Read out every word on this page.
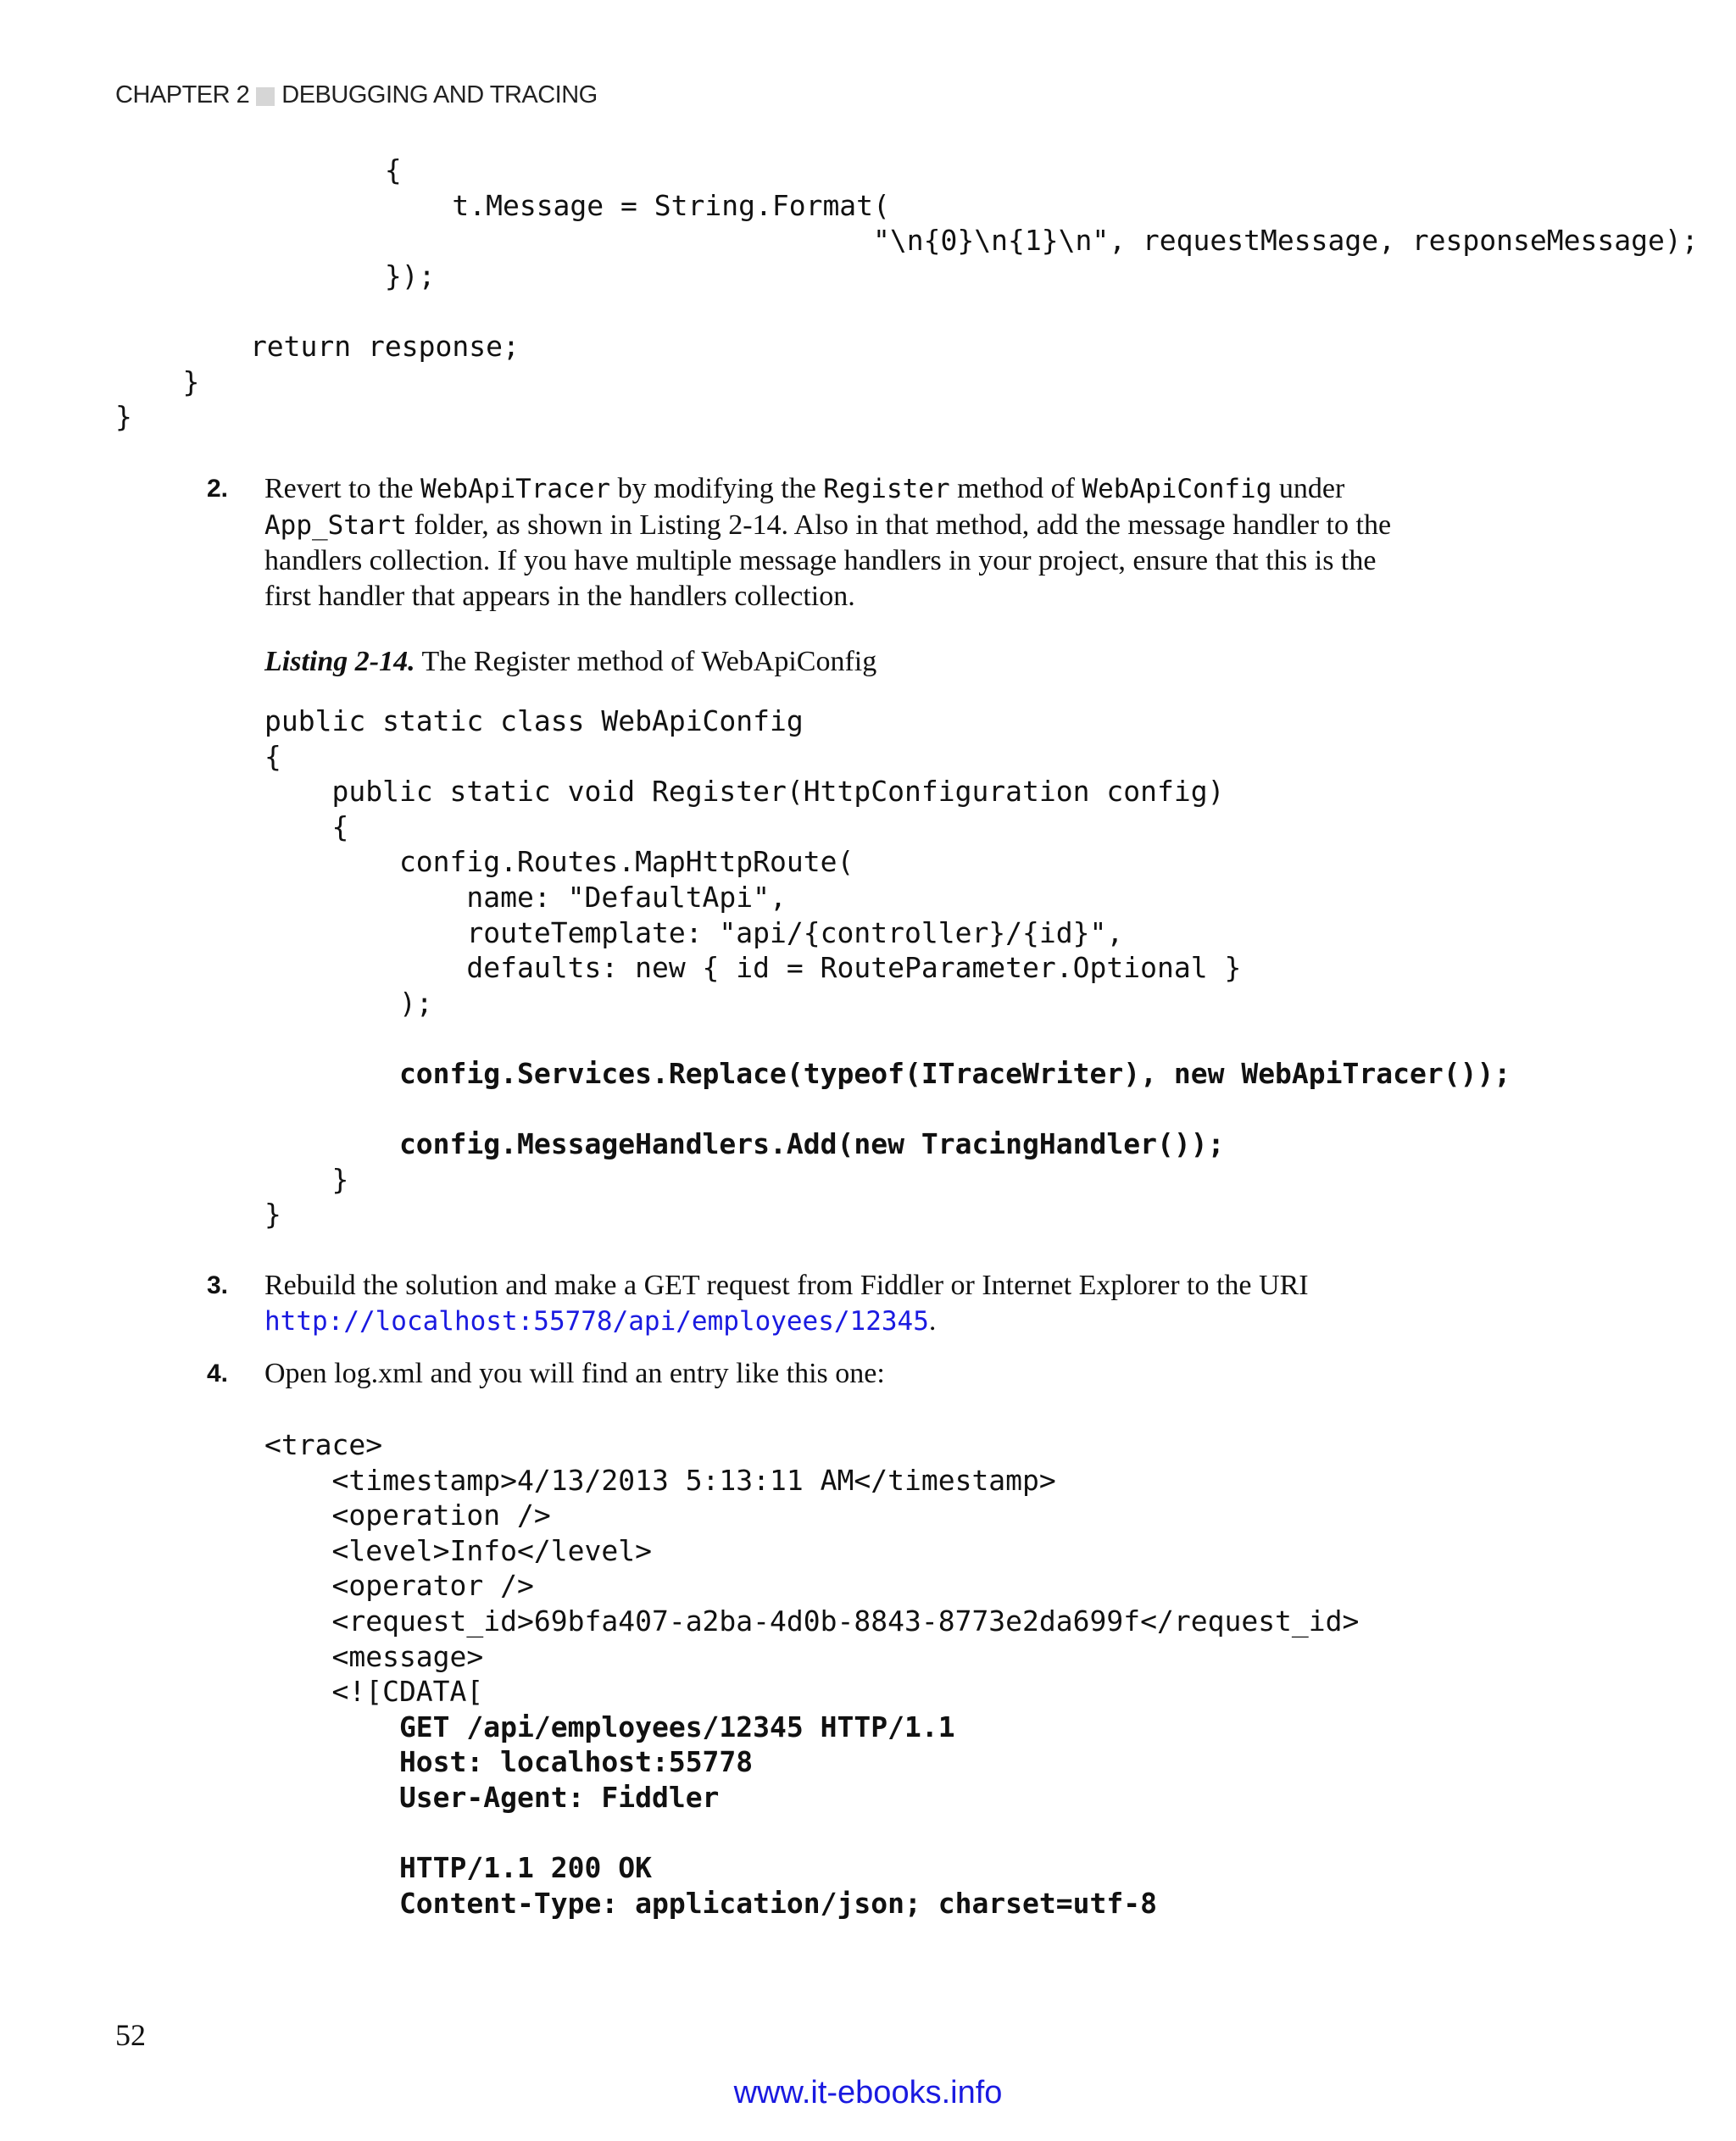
CHAPTER 2 DEBUGGING AND TRACING
{
t.Message = String.Format(
"\n{0}\n{1}\n", requestMessage, responseMessage);
});

return response;
}
}
2. Revert to the WebApiTracer by modifying the Register method of WebApiConfig under App_Start folder, as shown in Listing 2-14. Also in that method, add the message handler to the handlers collection. If you have multiple message handlers in your project, ensure that this is the first handler that appears in the handlers collection.
Listing 2-14. The Register method of WebApiConfig
public static class WebApiConfig
{
public static void Register(HttpConfiguration config)
{
config.Routes.MapHttpRoute(
name: "DefaultApi",
routeTemplate: "api/{controller}/{id}",
defaults: new { id = RouteParameter.Optional }
);

config.Services.Replace(typeof(ITraceWriter), new WebApiTracer());

config.MessageHandlers.Add(new TracingHandler());
}
}
3. Rebuild the solution and make a GET request from Fiddler or Internet Explorer to the URI
http://localhost:55778/api/employees/12345.
4. Open log.xml and you will find an entry like this one:
<trace>
<timestamp>4/13/2013 5:13:11 AM</timestamp>
<operation />
<level>Info</level>
<operator />
<request_id>69bfa407-a2ba-4d0b-8843-8773e2da699f</request_id>
<message>
<![CDATA[
GET /api/employees/12345 HTTP/1.1
Host: localhost:55778
User-Agent: Fiddler

HTTP/1.1 200 OK
Content-Type: application/json; charset=utf-8
52
www.it-ebooks.info
